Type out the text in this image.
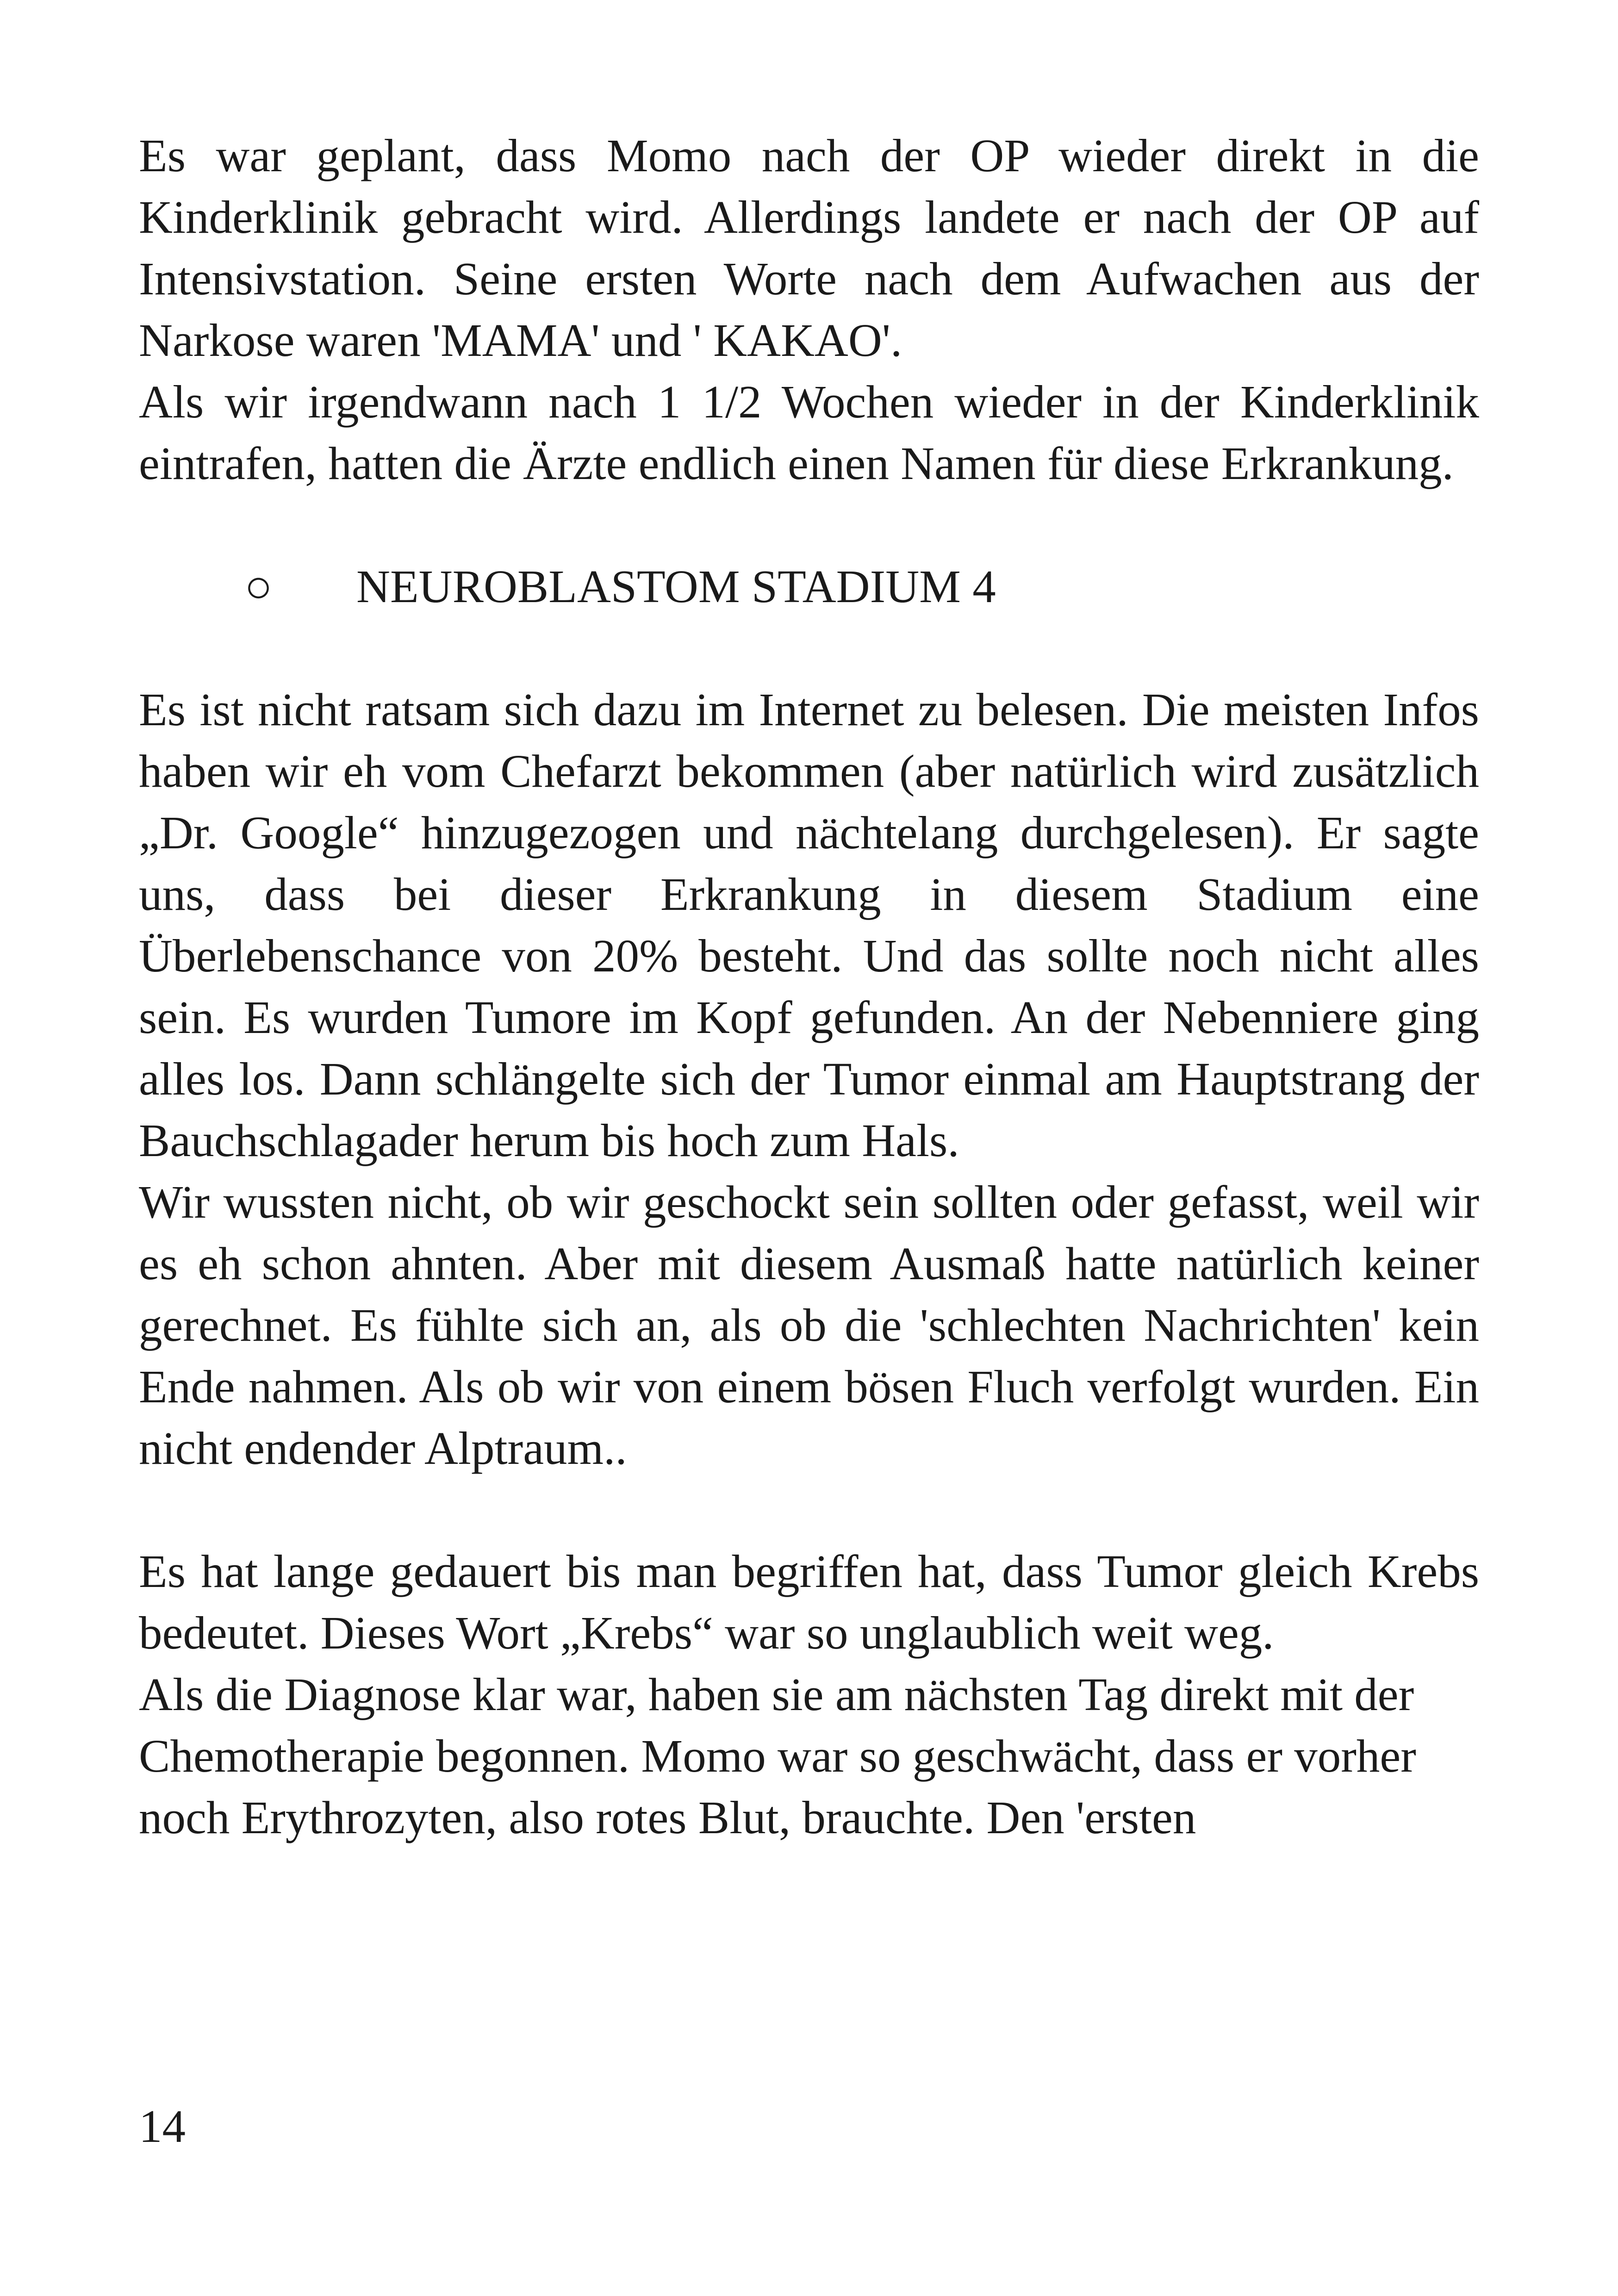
Es war geplant, dass Momo nach der OP wieder direkt in die Kinderklinik gebracht wird. Allerdings landete er nach der OP auf Intensivstation. Seine ersten Worte nach dem Aufwachen aus der Narkose waren 'MAMA' und ' KAKAO'.

Als wir irgendwann nach 1 1/2 Wochen wieder in der Kinderklinik eintrafen, hatten die Ärzte endlich einen Namen für diese Erkrankung.

○ NEUROBLASTOM STADIUM 4

Es ist nicht ratsam sich dazu im Internet zu belesen. Die meisten Infos haben wir eh vom Chefarzt bekommen (aber natürlich wird zusätzlich „Dr. Google“ hinzugezogen und nächtelang durchgelesen). Er sagte uns, dass bei dieser Erkrankung in diesem Stadium eine Überlebenschance von 20% besteht. Und das sollte noch nicht alles sein. Es wurden Tumore im Kopf gefunden. An der Nebenniere ging alles los. Dann schlängelte sich der Tumor einmal am Hauptstrang der Bauchschlagader herum bis hoch zum Hals.

Wir wussten nicht, ob wir geschockt sein sollten oder gefasst, weil wir es eh schon ahnten. Aber mit diesem Ausmaß hatte natürlich keiner gerechnet. Es fühlte sich an, als ob die 'schlechten Nachrichten' kein Ende nahmen. Als ob wir von einem bösen Fluch verfolgt wurden. Ein nicht endender Alptraum..

Es hat lange gedauert bis man begriffen hat, dass Tumor gleich Krebs bedeutet. Dieses Wort „Krebs“ war so unglaublich weit weg.

Als die Diagnose klar war, haben sie am nächsten Tag direkt mit der Chemotherapie begonnen. Momo war so geschwächt, dass er vorher noch Erythrozyten, also rotes Blut, brauchte. Den 'ersten

14
